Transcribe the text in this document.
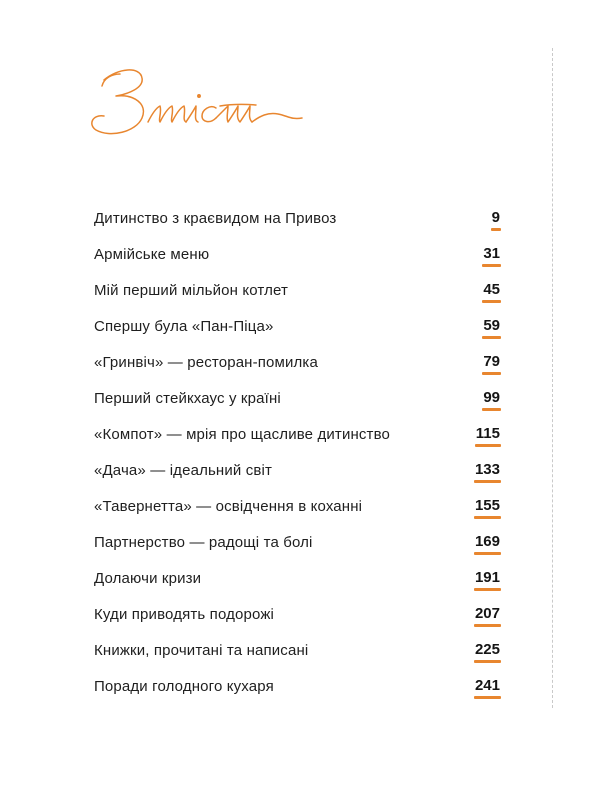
Дитинство з краєвидом на Привоз	9
Армійське меню	31
Мій перший мільйон котлет	45
Спершу була «Пан-Піца»	59
«Гринвіч» — ресторан-помилка	79
Перший стейкхаус у країні	99
«Компот» — мрія про щасливе дитинство	115
«Дача» — ідеальний світ	133
«Тавернетта» — освідчення в коханні	155
Партнерство — радощі та болі	169
Долаючи кризи	191
Куди приводять подорожі	207
Книжки, прочитані та написані	225
Поради голодного кухаря	241
